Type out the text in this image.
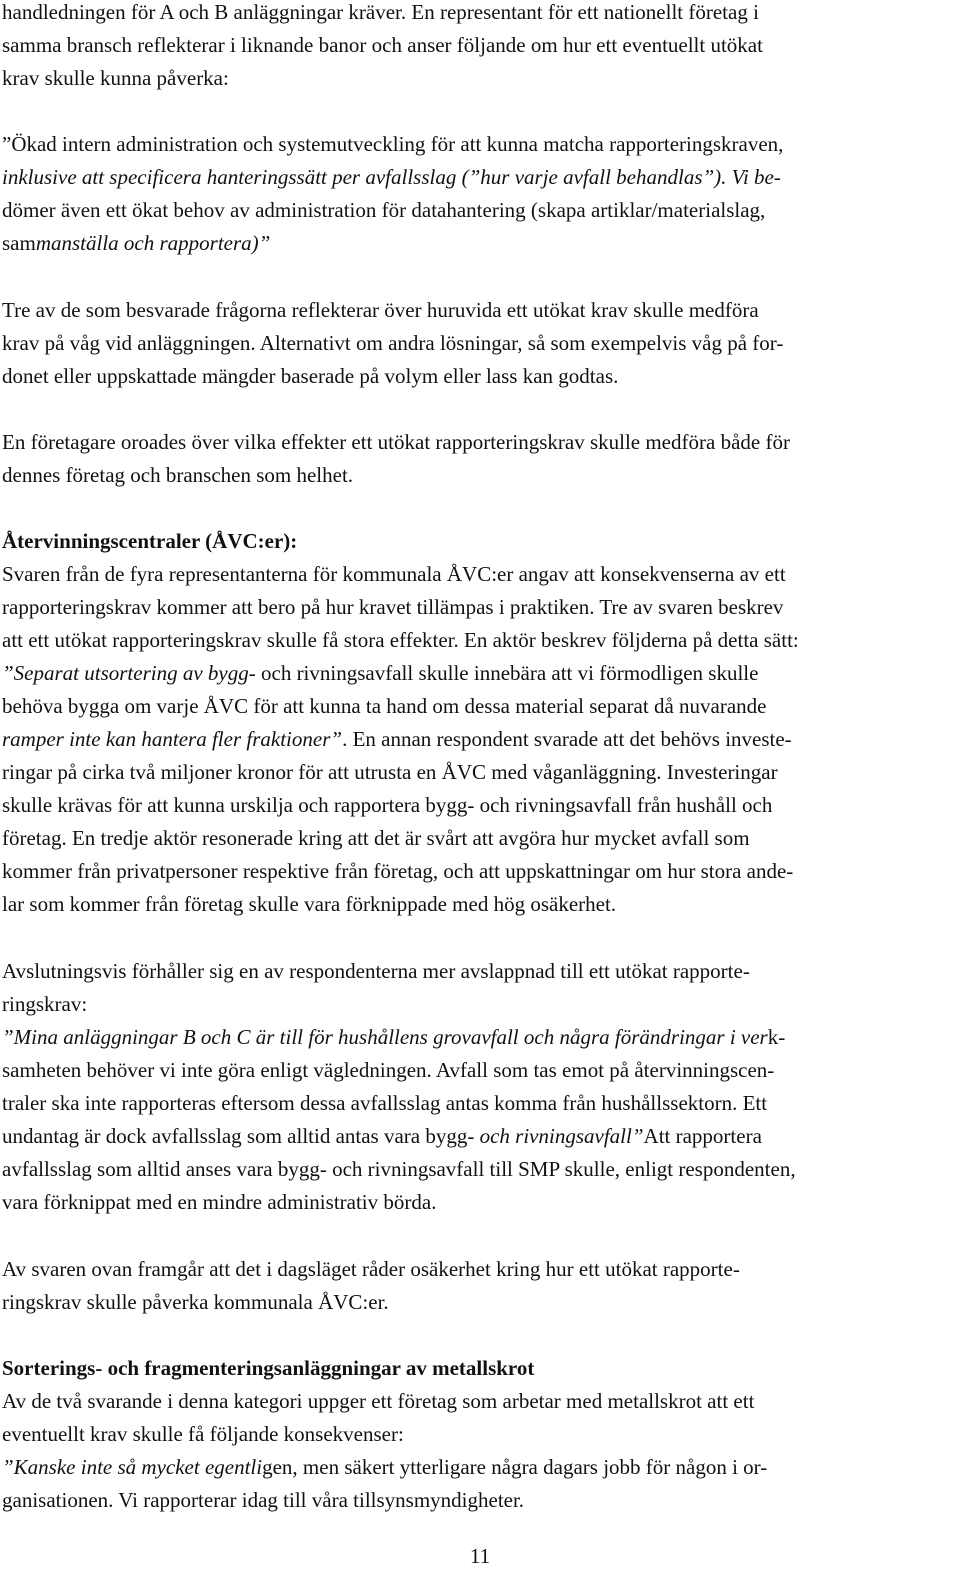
handledningen för A och B anläggningar kräver. En representant för ett nationellt företag i
samma bransch reflekterar i liknande banor och anser följande om hur ett eventuellt utökat
krav skulle kunna påverka:
”Ökad intern administration och systemutveckling för att kunna matcha rapporteringskraven,
inklusive att specificera hanteringssätt per avfallsslag (”hur varje avfall behandlas”). Vi be-
dömer även ett ökat behov av administration för datahantering (skapa artiklar/materialslag,
sammanställa och rapportera)”
Tre av de som besvarade frågorna reflekterar över huruvida ett utökat krav skulle medföra
krav på våg vid anläggningen. Alternativt om andra lösningar, så som exempelvis våg på for-
donet eller uppskattade mängder baserade på volym eller lass kan godtas.
En företagare oroades över vilka effekter ett utökat rapporteringskrav skulle medföra både för
dennes företag och branschen som helhet.
Återvinningscentraler (ÅVC:er):
Svaren från de fyra representanterna för kommunala ÅVC:er angav att konsekvenserna av ett
rapporteringskrav kommer att bero på hur kravet tillämpas i praktiken. Tre av svaren beskrev
att ett utökat rapporteringskrav skulle få stora effekter. En aktör beskrev följderna på detta sätt:
”Separat utsortering av bygg- och rivningsavfall skulle innebära att vi förmodligen skulle
behöva bygga om varje ÅVC för att kunna ta hand om dessa material separat då nuvarande
ramper inte kan hantera fler fraktioner”. En annan respondent svarade att det behövs investe-
ringar på cirka två miljoner kronor för att utrusta en ÅVC med våganläggning. Investeringar
skulle krävas för att kunna urskilja och rapportera bygg- och rivningsavfall från hushåll och
företag. En tredje aktör resonerade kring att det är svårt att avgöra hur mycket avfall som
kommer från privatpersoner respektive från företag, och att uppskattningar om hur stora ande-
lar som kommer från företag skulle vara förknippade med hög osäkerhet.
Avslutningsvis förhåller sig en av respondenterna mer avslappnad till ett utökat rapporte-
ringskrav:
”Mina anläggningar B och C är till för hushållens grovavfall och några förändringar i verk-
samheten behöver vi inte göra enligt vägledningen. Avfall som tas emot på återvinningscen-
traler ska inte rapporteras eftersom dessa avfallsslag antas komma från hushållssektorn. Ett
undantag är dock avfallsslag som alltid antas vara bygg- och rivningsavfall”Att rapportera
avfallsslag som alltid anses vara bygg- och rivningsavfall till SMP skulle, enligt respondenten,
vara förknippat med en mindre administrativ börda.
Av svaren ovan framgår att det i dagsläget råder osäkerhet kring hur ett utökat rapporte-
ringskrav skulle påverka kommunala ÅVC:er.
Sorterings- och fragmenteringsanläggningar av metallskrot
Av de två svarande i denna kategori uppger ett företag som arbetar med metallskrot att ett
eventuellt krav skulle få följande konsekvenser:
”Kanske inte så mycket egentligen, men säkert ytterligare några dagars jobb för någon i or-
ganisationen. Vi rapporterar idag till våra tillsynsmyndigheter.
11
